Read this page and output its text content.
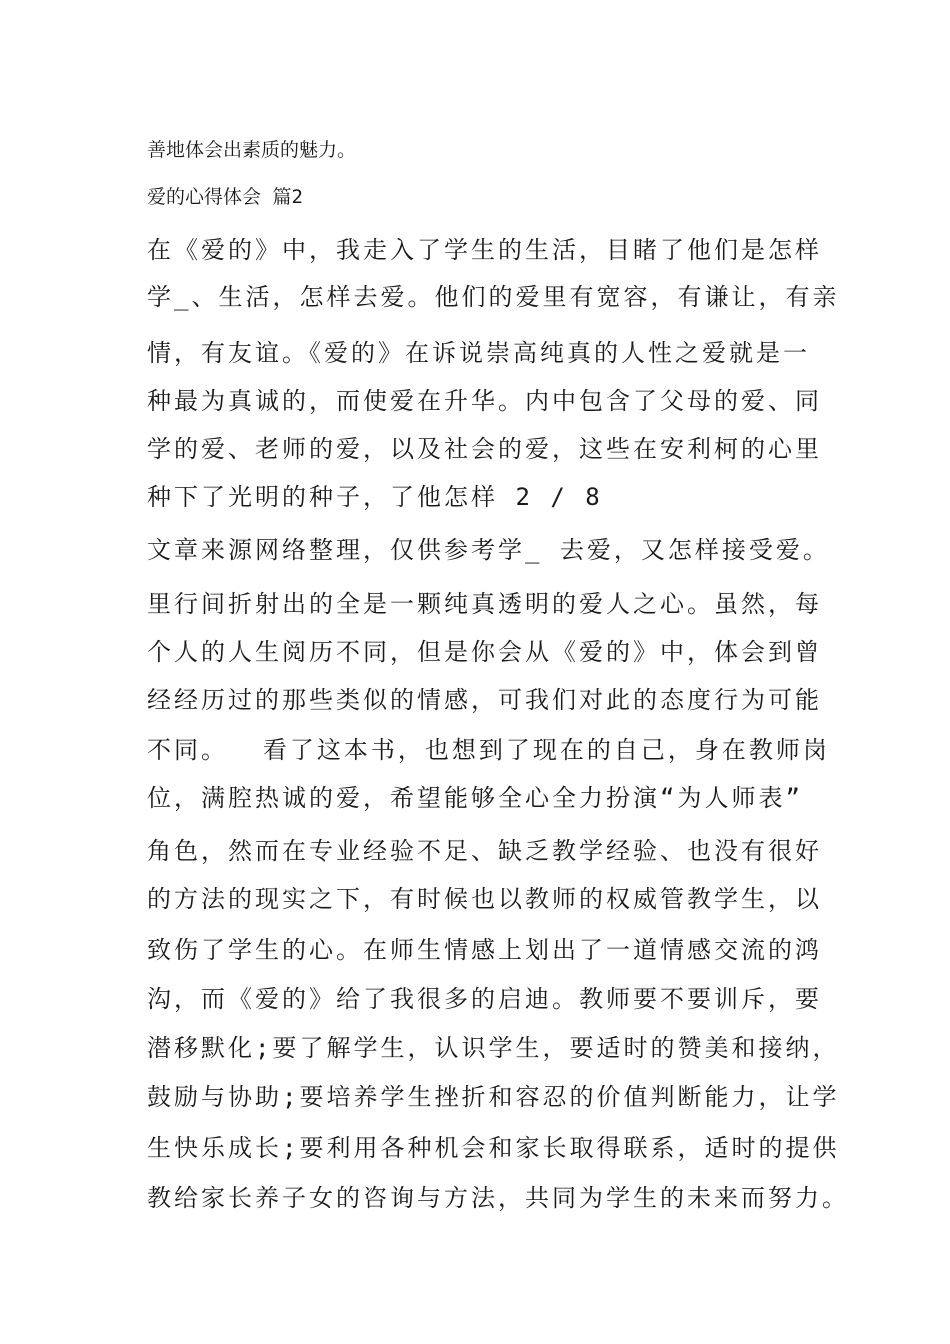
善地体会出素质的魅力。

爱的心得体会 篇2

在《爱的》中，我走入了学生的生活，目睹了他们是怎样

学_、生活，怎样去爱。他们的爱里有宽容，有谦让，有亲

情，有友谊。《爱的》在诉说崇高纯真的人性之爱就是一

种最为真诚的，而使爱在升华。内中包含了父母的爱、同

学的爱、老师的爱，以及社会的爱，这些在安利柯的心里

种下了光明的种子，了他怎样 2 / 8

文章来源网络整理，仅供参考学_ 去爱，又怎样接受爱。

里行间折射出的全是一颗纯真透明的爱人之心。虽然，每

个人的人生阅历不同，但是你会从《爱的》中，体会到曾

经经历过的那些类似的情感，可我们对此的态度行为可能

不同。  看了这本书，也想到了现在的自己，身在教师岗

位，满腔热诚的爱，希望能够全心全力扮演“为人师表”

角色，然而在专业经验不足、缺乏教学经验、也没有很好

的方法的现实之下，有时候也以教师的权威管教学生，以

致伤了学生的心。在师生情感上划出了一道情感交流的鸿

沟，而《爱的》给了我很多的启迪。教师要不要训斥，要

潜移默化;要了解学生，认识学生，要适时的赞美和接纳，

鼓励与协助;要培养学生挫折和容忍的价值判断能力，让学

生快乐成长;要利用各种机会和家长取得联系，适时的提供

教给家长养子女的咨询与方法，共同为学生的未来而努力。
